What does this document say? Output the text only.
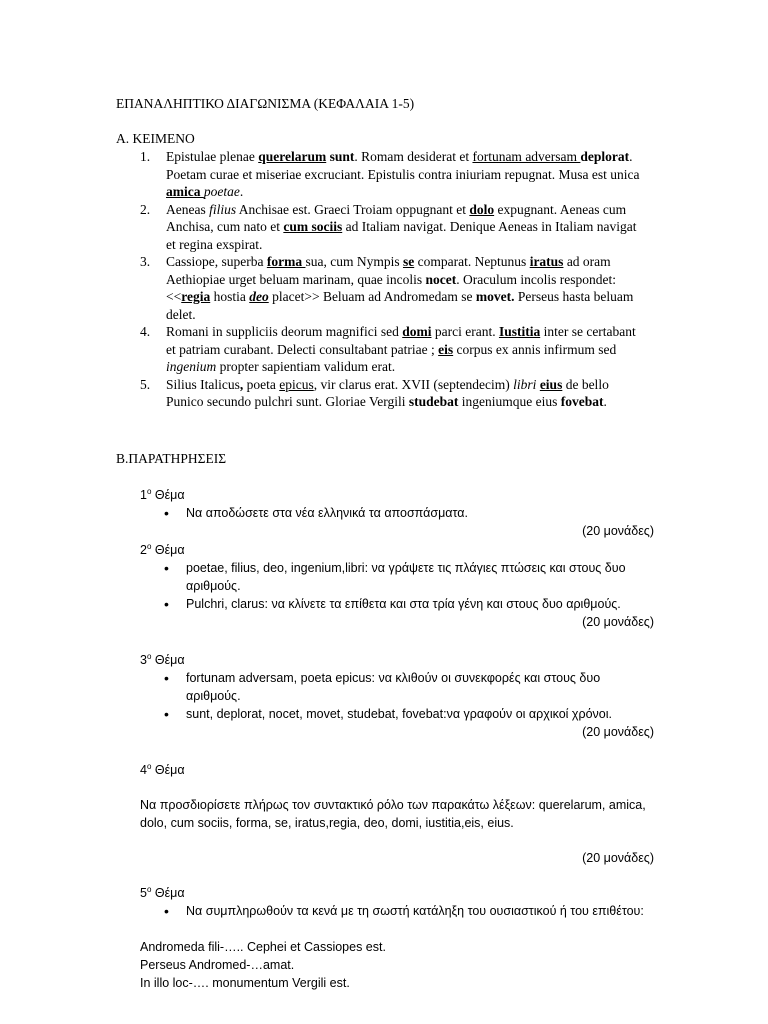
ΕΠΑΝΑΛΗΠΤΙΚΟ ΔΙΑΓΩΝΙΣΜΑ (ΚΕΦΑΛΑΙΑ 1-5)
Α. ΚΕΙΜΕΝΟ
1. Epistulae plenae querelarum sunt. Romam desiderat et fortunam adversam deplorat. Poetam curae et miseriae excruciant. Epistulis contra iniuriam repugnat. Musa est unica amica poetae.
2. Aeneas filius Anchisae est. Graeci Troiam oppugnant et dolo expugnant. Aeneas cum Anchisa, cum nato et cum sociis ad Italiam navigat. Denique Aeneas in Italiam navigat et regina exspirat.
3. Cassiope, superba forma sua, cum Nympis se comparat. Neptunus iratus ad oram Aethiopiae urget beluam marinam, quae incolis nocet. Oraculum incolis respondet:<<regia hostia deo placet>> Beluam ad Andromedam se movet. Perseus hasta beluam delet.
4. Romani in suppliciis deorum magnifici sed domi parci erant. Iustitia inter se certabant et patriam curabant. Delecti consultabant patriae ; eis corpus ex annis infirmum sed ingenium propter sapientiam validum erat.
5. Silius Italicus, poeta epicus, vir clarus erat. XVII (septendecim) libri eius de bello Punico secundo pulchri sunt. Gloriae Vergili studebat ingeniumque eius fovebat.
Β.ΠΑΡΑΤΗΡΗΣΕΙΣ
$1^o$ Θέμα
• Να αποδώσετε στα νέα ελληνικά τα αποσπάσματα.
(20 μονάδες)
$2^o$ Θέμα
• poetae, filius, deo, ingenium,libri: να γράψετε τις πλάγιες πτώσεις και στους δυο αριθμούς.
• Pulchri, clarus: να κλίνετε τα επίθετα και στα τρία γένη και στους δυο αριθμούς.
(20 μονάδες)
$3^o$ Θέμα
• fortunam adversam, poeta epicus: να κλιθούν οι συνεκφορές και στους δυο αριθμούς.
• sunt, deplorat, nocet, movet, studebat, fovebat:να γραφούν οι αρχικοί χρόνοι.
(20 μονάδες)
$4^o$ Θέμα
Να προσδιορίσετε πλήρως τον συντακτικό ρόλο των παρακάτω λέξεων: querelarum, amica, dolo, cum sociis, forma, se, iratus,regia, deo, domi, iustitia,eis, eius.
(20 μονάδες)
$5^o$ Θέμα
• Να συμπληρωθούν τα κενά με τη σωστή κατάληξη του ουσιαστικού ή του επιθέτου:
Andromeda fili-….. Cephei et Cassiopes est.
Perseus Andromed-…amat.
In illo loc-…. monumentum Vergili est.
